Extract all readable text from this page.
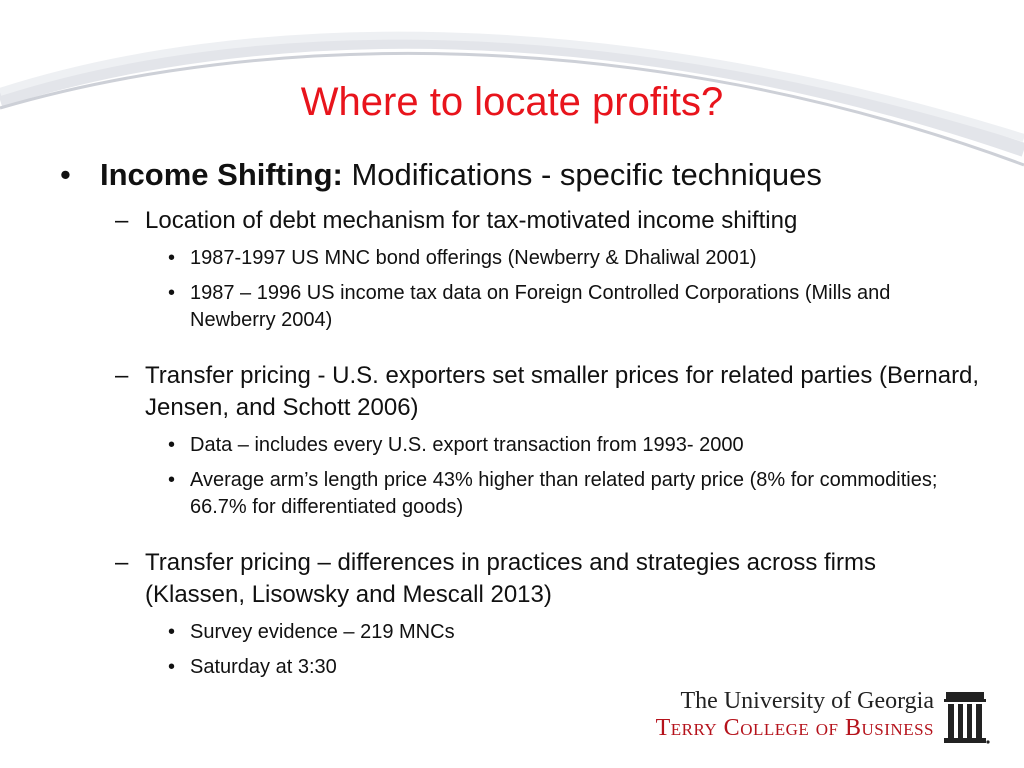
Where to locate profits?
• Income Shifting: Modifications - specific techniques
– Location of debt mechanism for tax-motivated income shifting
• 1987-1997 US MNC bond offerings (Newberry & Dhaliwal 2001)
• 1987 – 1996 US income tax data on Foreign Controlled Corporations (Mills and Newberry 2004)
– Transfer pricing - U.S. exporters set smaller prices for related parties (Bernard, Jensen, and Schott 2006)
• Data – includes every U.S. export transaction from 1993- 2000
• Average arm’s length price 43% higher than related party price (8% for commodities; 66.7% for differentiated goods)
– Transfer pricing – differences in practices and strategies across firms (Klassen, Lisowsky and Mescall 2013)
• Survey evidence – 219 MNCs
• Saturday at 3:30
The University of Georgia
Terry College of Business
